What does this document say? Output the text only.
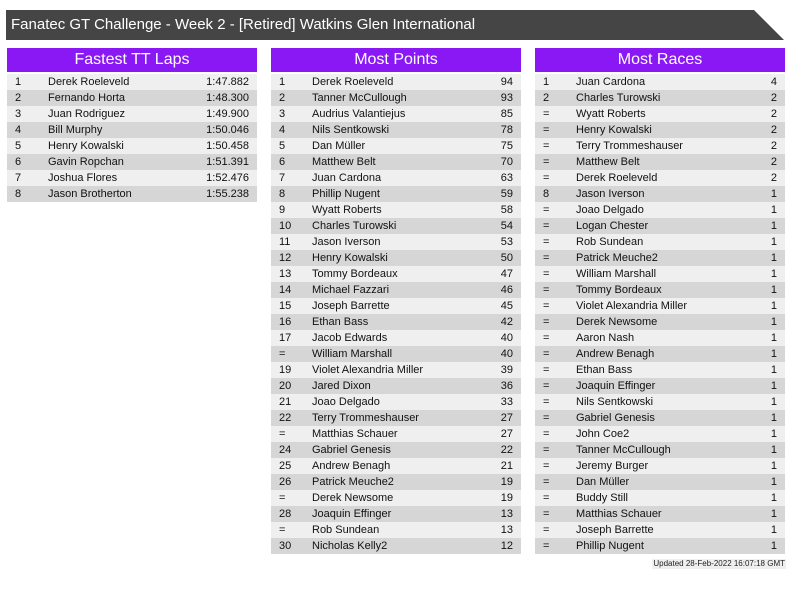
Fanatec GT Challenge - Week 2 - [Retired] Watkins Glen International
Fastest TT Laps
1 Derek Roeleveld	1:47.882
2 Fernando Horta	1:48.300
3 Juan Rodriguez	1:49.900
4 Bill Murphy	1:50.046
5 Henry Kowalski	1:50.458
6 Gavin Ropchan	1:51.391
7 Joshua Flores	1:52.476
8 Jason Brotherton	1:55.238
Most Points
1 Derek Roeleveld	94
2 Tanner McCullough	93
3 Audrius Valantiejus	85
4 Nils Sentkowski	78
5 Dan Müller	75
6 Matthew Belt	70
7 Juan Cardona	63
8 Phillip Nugent	59
9 Wyatt Roberts	58
10 Charles Turowski	54
11 Jason Iverson	53
12 Henry Kowalski	50
13 Tommy Bordeaux	47
14 Michael Fazzari	46
15 Joseph Barrette	45
16 Ethan Bass	42
17 Jacob Edwards	40
= William Marshall	40
19 Violet Alexandria Miller	39
20 Jared Dixon	36
21 Joao Delgado	33
22 Terry Trommeshauser	27
= Matthias Schauer	27
24 Gabriel Genesis	22
25 Andrew Benagh	21
26 Patrick Meuche2	19
= Derek Newsome	19
28 Joaquin Effinger	13
= Rob Sundean	13
30 Nicholas Kelly2	12
Most Races
1 Juan Cardona	4
2 Charles Turowski	2
= Wyatt Roberts	2
= Henry Kowalski	2
= Terry Trommeshauser	2
= Matthew Belt	2
= Derek Roeleveld	2
8 Jason Iverson	1
= Joao Delgado	1
= Logan Chester	1
= Rob Sundean	1
= Patrick Meuche2	1
= William Marshall	1
= Tommy Bordeaux	1
= Violet Alexandria Miller	1
= Derek Newsome	1
= Aaron Nash	1
= Andrew Benagh	1
= Ethan Bass	1
= Joaquin Effinger	1
= Nils Sentkowski	1
= Gabriel Genesis	1
= John Coe2	1
= Tanner McCullough	1
= Jeremy Burger	1
= Dan Müller	1
= Buddy Still	1
= Matthias Schauer	1
= Joseph Barrette	1
= Phillip Nugent	1
Updated 28-Feb-2022 16:07:18 GMT
